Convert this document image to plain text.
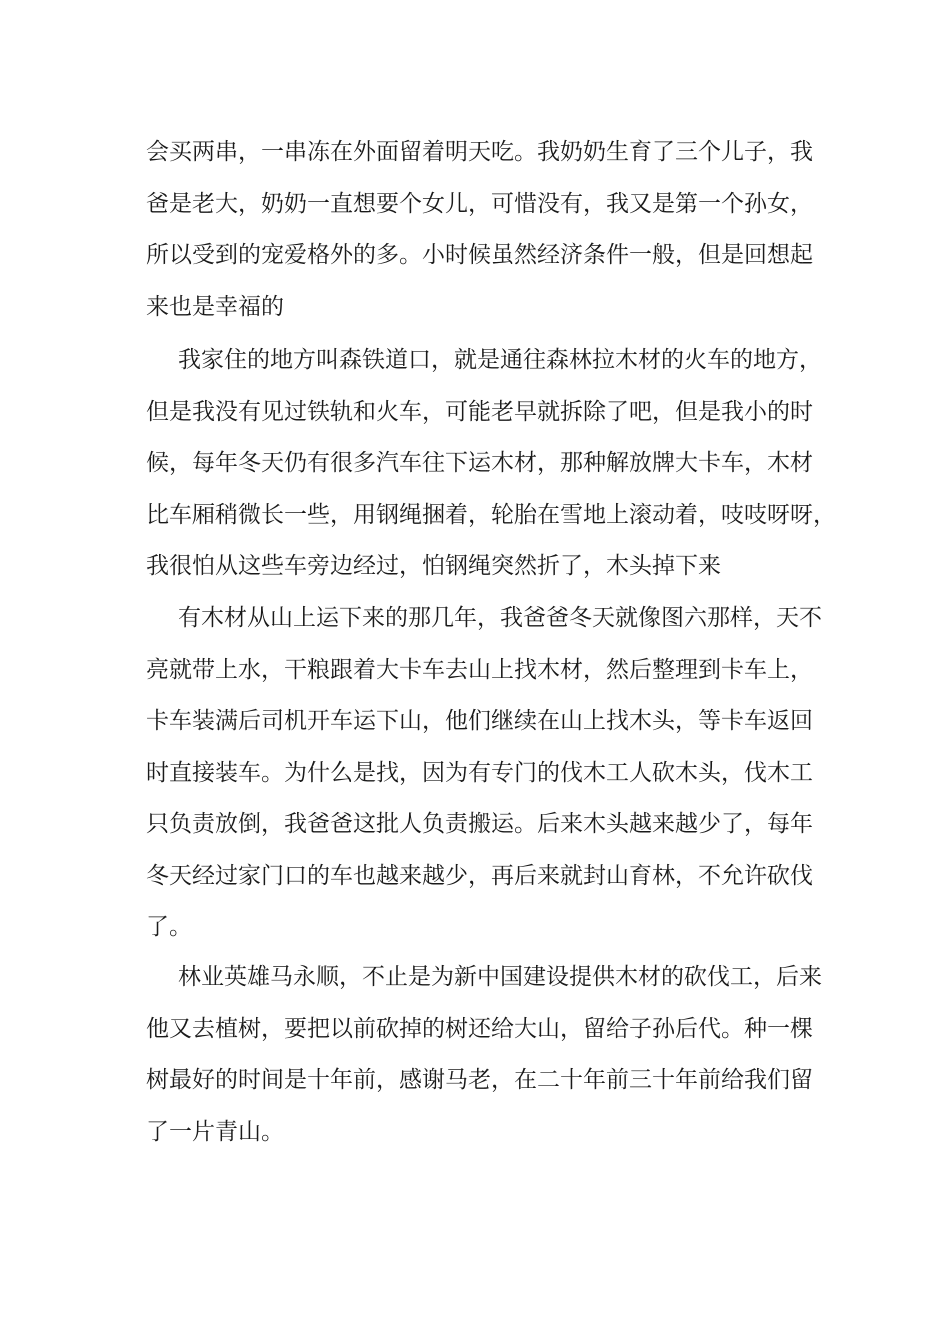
会买两串，一串冻在外面留着明天吃。我奶奶生育了三个儿子，我
爸是老大，奶奶一直想要个女儿，可惜没有，我又是第一个孙女，
所以受到的宠爱格外的多。小时候虽然经济条件一般，但是回想起
来也是幸福的
我家住的地方叫森铁道口，就是通往森林拉木材的火车的地方，
但是我没有见过铁轨和火车，可能老早就拆除了吧，但是我小的时
候，每年冬天仍有很多汽车往下运木材，那种解放牌大卡车，木材
比车厢稍微长一些，用钢绳捆着，轮胎在雪地上滚动着，吱吱呀呀，
我很怕从这些车旁边经过，怕钢绳突然折了，木头掉下来
有木材从山上运下来的那几年，我爸爸冬天就像图六那样，天不
亮就带上水，干粮跟着大卡车去山上找木材，然后整理到卡车上，
卡车装满后司机开车运下山，他们继续在山上找木头，等卡车返回
时直接装车。为什么是找，因为有专门的伐木工人砍木头，伐木工
只负责放倒，我爸爸这批人负责搬运。后来木头越来越少了，每年
冬天经过家门口的车也越来越少，再后来就封山育林，不允许砍伐
了。
林业英雄马永顺，不止是为新中国建设提供木材的砍伐工，后来
他又去植树，要把以前砍掉的树还给大山，留给子孙后代。种一棵
树最好的时间是十年前，感谢马老，在二十年前三十年前给我们留
了一片青山。
